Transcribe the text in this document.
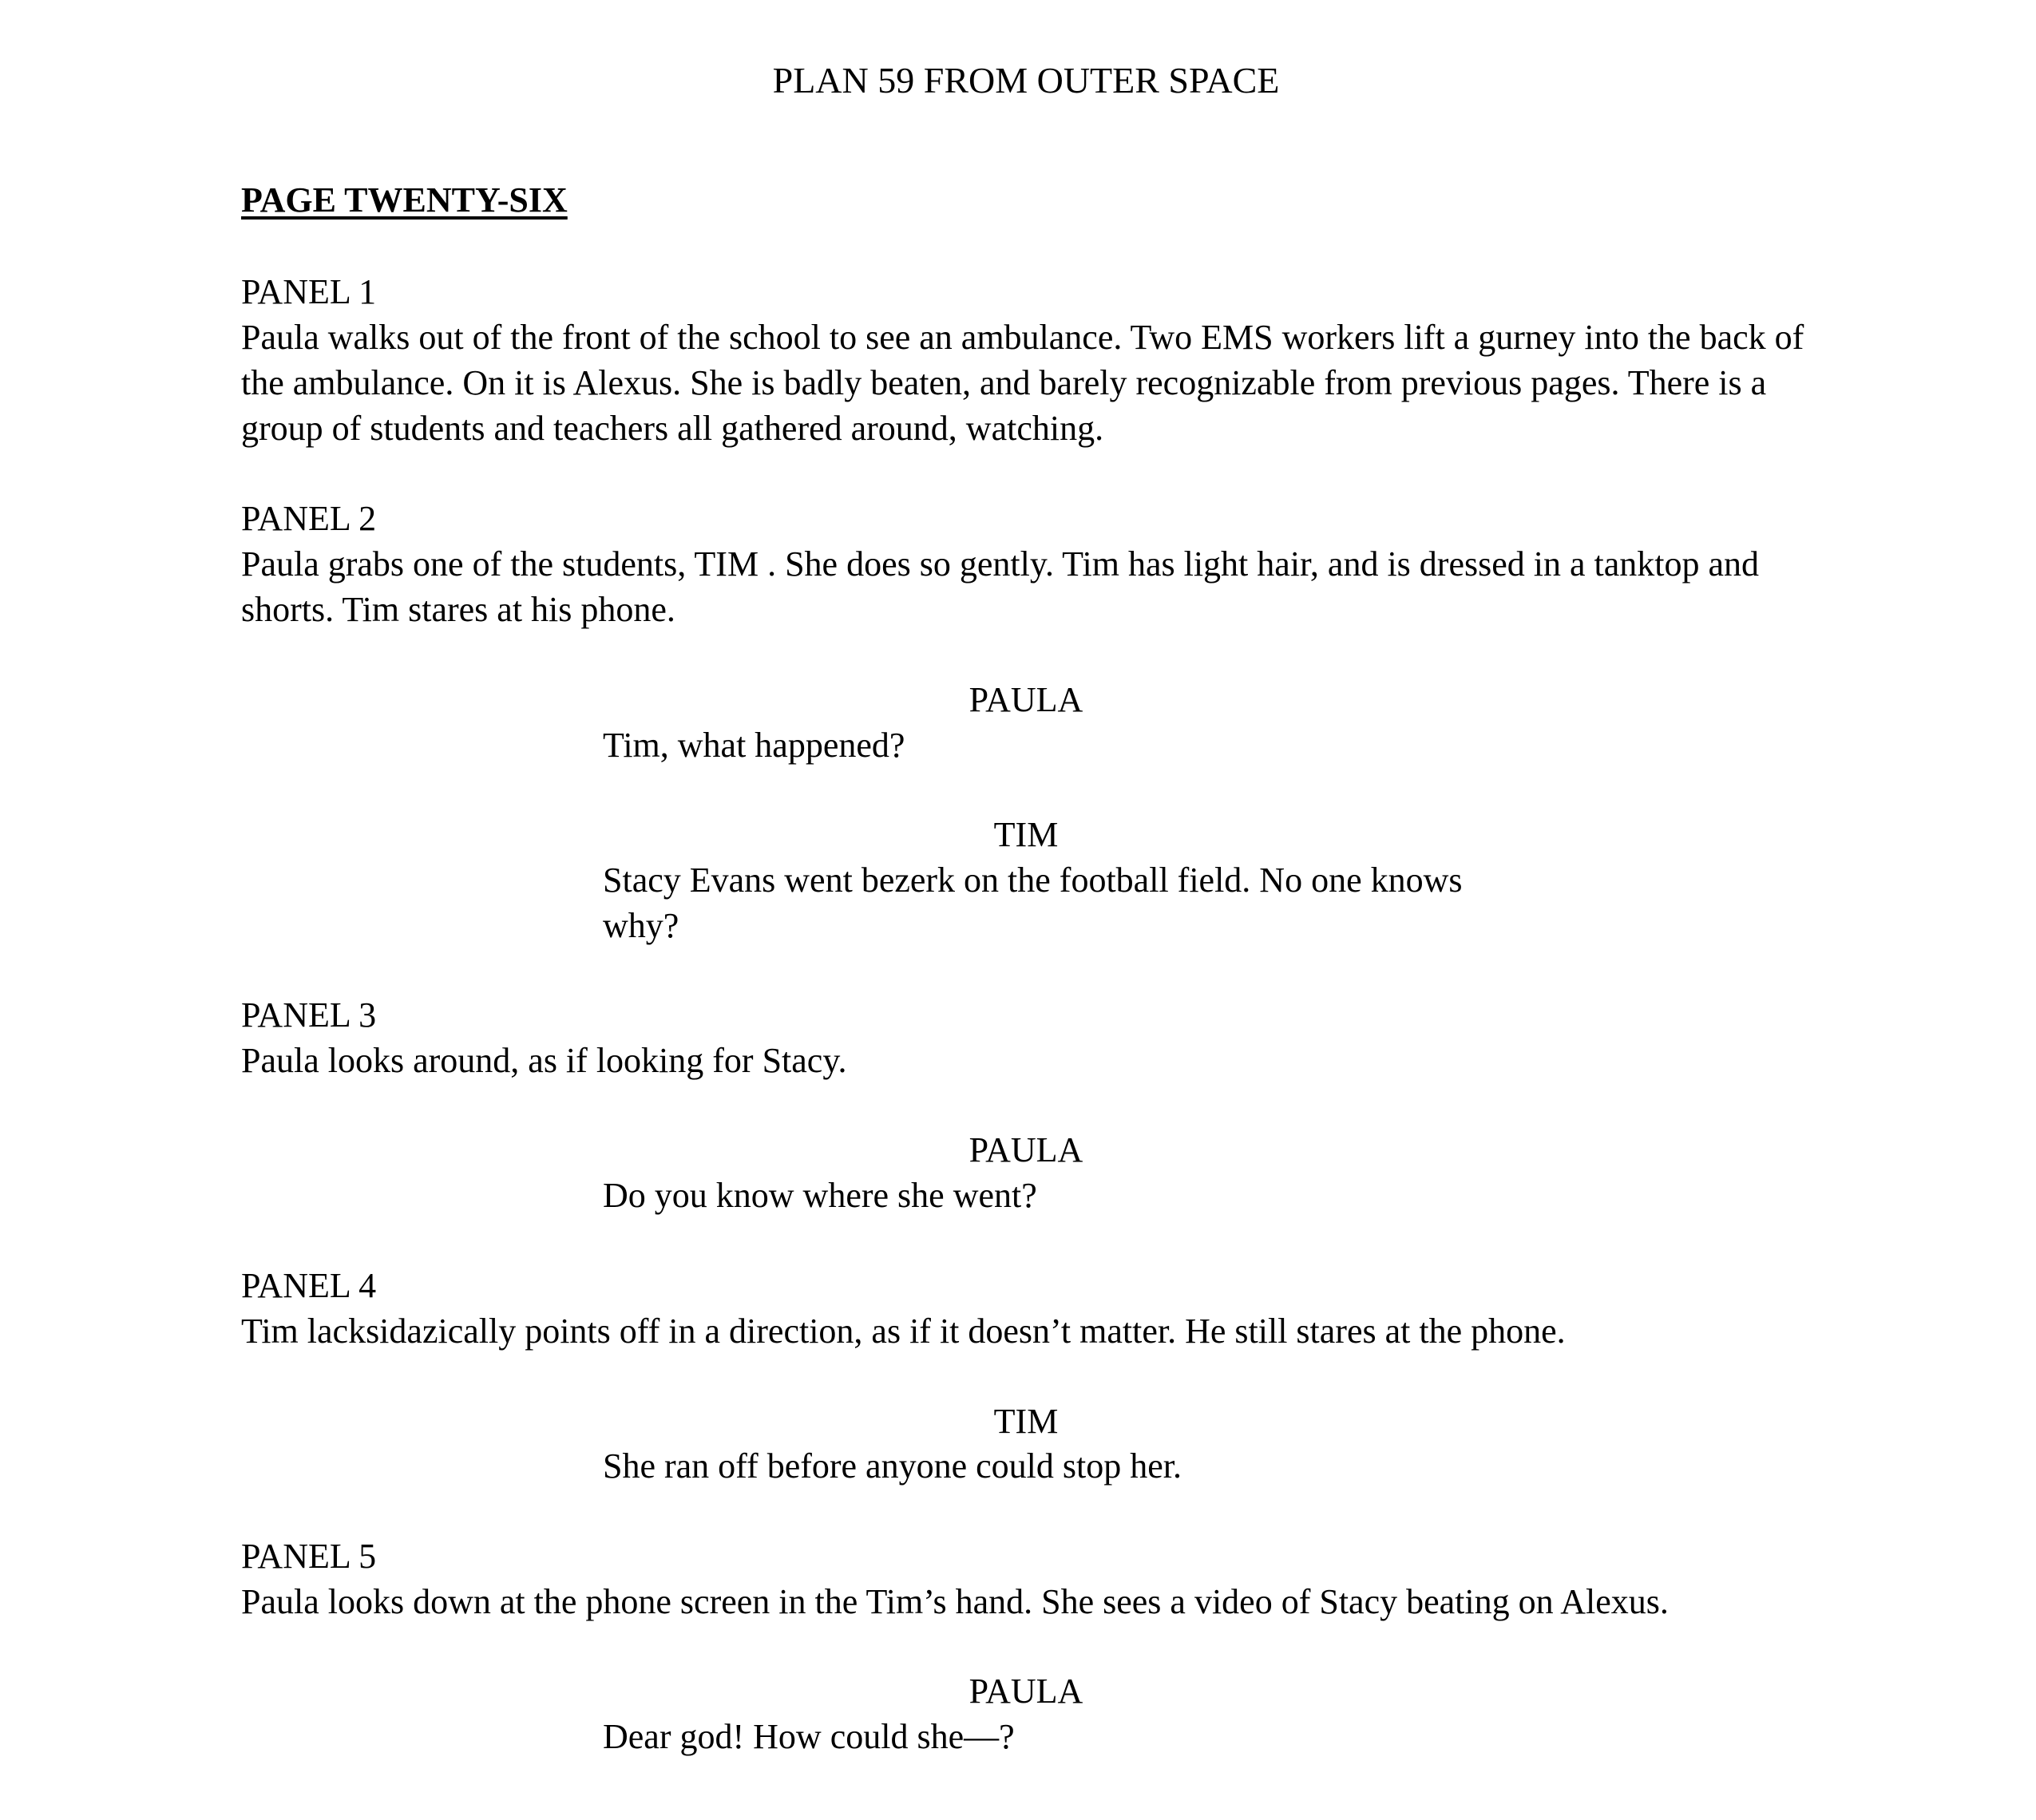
PLAN 59 FROM OUTER SPACE
PAGE TWENTY-SIX

PANEL 1

Paula walks out of the front of the school to see an ambulance. Two EMS workers lift a gurney into the back of the ambulance. On it is Alexus. She is badly beaten, and barely recognizable from previous pages. There is a group of students and teachers all gathered around, watching.

PANEL 2

Paula grabs one of the students, TIM . She does so gently. Tim has light hair, and is dressed in a tanktop and shorts. Tim stares at his phone.

PAULA

Tim, what happened?

TIM

Stacy Evans went bezerk on the football field. No one knows why?

PANEL 3

Paula looks around, as if looking for Stacy.

PAULA

Do you know where she went?

PANEL 4

Tim lacksidazically points off in a direction, as if it doesn’t matter. He still stares at the phone.

TIM

She ran off before anyone could stop her.

PANEL 5

Paula looks down at the phone screen in the Tim’s hand. She sees a video of Stacy beating on Alexus.

PAULA

Dear god! How could she—?
